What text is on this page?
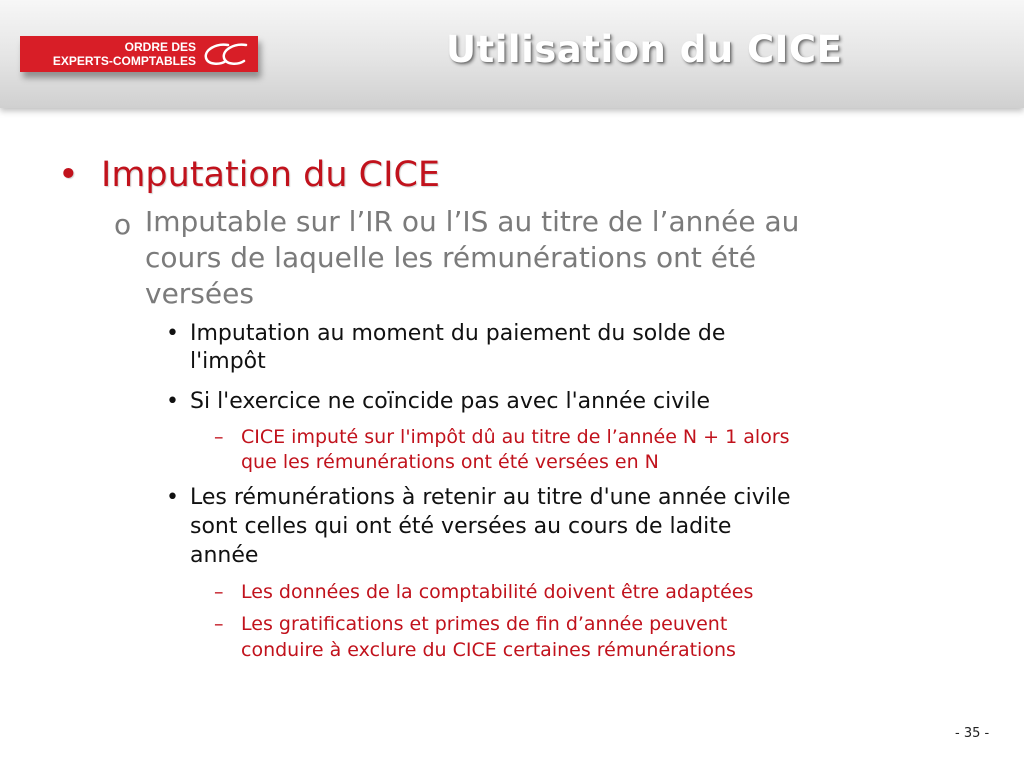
ORDRE DES
EXPERTS-COMPTABLES	Utilisation du CICE
• Imputation du CICE
o Imputable sur l’IR ou l’IS au titre de l’année au
cours de laquelle les rémunérations ont été
versées
• Imputation au moment du paiement du solde de
l'impôt
• Si l'exercice ne coïncide pas avec l'année civile
– CICE imputé sur l'impôt dû au titre de l’année N + 1 alors
que les rémunérations ont été versées en N
• Les rémunérations à retenir au titre d'une année civile
sont celles qui ont été versées au cours de ladite
année
– Les données de la comptabilité doivent être adaptées
– Les gratifications et primes de fin d’année peuvent
conduire à exclure du CICE certaines rémunérations
- 35 -
